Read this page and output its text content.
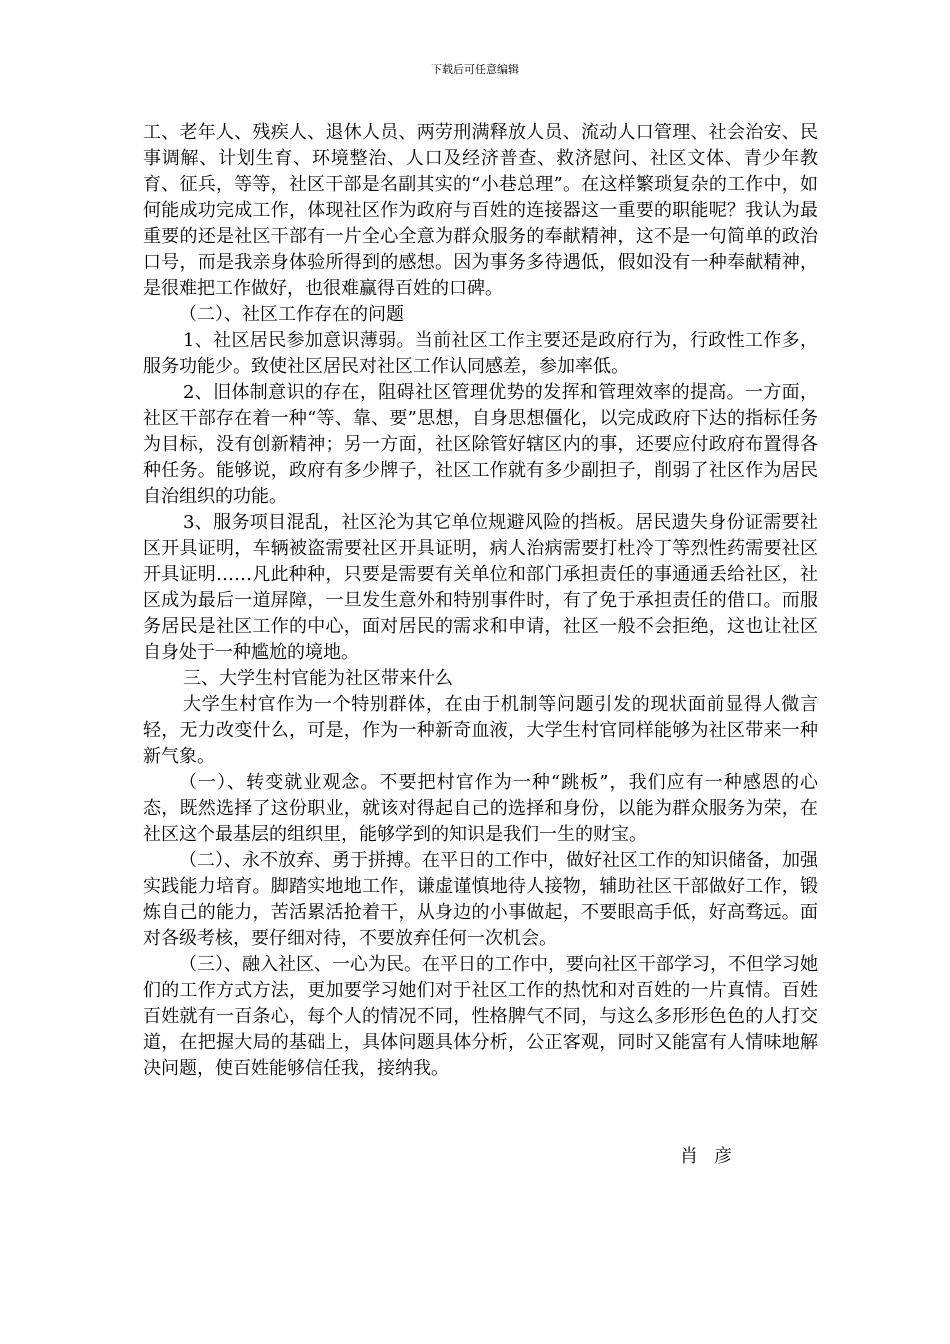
下载后可任意编辑

工、老年人、残疾人、退休人员、两劳刑满释放人员、流动人口管理、社会治安、民事调解、计划生育、环境整治、人口及经济普查、救济慰问、社区文体、青少年教育、征兵，等等，社区干部是名副其实的“小巷总理”。在这样繁琐复杂的工作中，如何能成功完成工作，体现社区作为政府与百姓的连接器这一重要的职能呢？我认为最重要的还是社区干部有一片全心全意为群众服务的奉献精神，这不是一句简单的政治口号，而是我亲身体验所得到的感想。因为事务多待遇低，假如没有一种奉献精神，是很难把工作做好，也很难赢得百姓的口碑。

（二）、社区工作存在的问题

1、社区居民参加意识薄弱。当前社区工作主要还是政府行为，行政性工作多，服务功能少。致使社区居民对社区工作认同感差，参加率低。

2、旧体制意识的存在，阻碍社区管理优势的发挥和管理效率的提高。一方面，社区干部存在着一种“等、靠、要”思想，自身思想僵化，以完成政府下达的指标任务为目标，没有创新精神；另一方面，社区除管好辖区内的事，还要应付政府布置得各种任务。能够说，政府有多少牌子，社区工作就有多少副担子，削弱了社区作为居民自治组织的功能。

3、服务项目混乱，社区沦为其它单位规避风险的挡板。居民遗失身份证需要社区开具证明，车辆被盗需要社区开具证明，病人治病需要打杜冷丁等烈性药需要社区开具证明……凡此种种，只要是需要有关单位和部门承担责任的事通通丢给社区，社区成为最后一道屏障，一旦发生意外和特别事件时，有了免于承担责任的借口。而服务居民是社区工作的中心，面对居民的需求和申请，社区一般不会拒绝，这也让社区自身处于一种尴尬的境地。

三、大学生村官能为社区带来什么

大学生村官作为一个特别群体，在由于机制等问题引发的现状面前显得人微言轻，无力改变什么，可是，作为一种新奇血液，大学生村官同样能够为社区带来一种新气象。

（一）、转变就业观念。不要把村官作为一种“跳板”，我们应有一种感恩的心态，既然选择了这份职业，就该对得起自己的选择和身份，以能为群众服务为荣，在社区这个最基层的组织里，能够学到的知识是我们一生的财宝。

（二）、永不放弃、勇于拼搏。在平日的工作中，做好社区工作的知识储备，加强实践能力培育。脚踏实地地工作，谦虚谨慎地待人接物，辅助社区干部做好工作，锻炼自己的能力，苦活累活抢着干，从身边的小事做起，不要眼高手低，好高骛远。面对各级考核，要仔细对待，不要放弃任何一次机会。

（三）、融入社区、一心为民。在平日的工作中，要向社区干部学习，不但学习她们的工作方式方法，更加要学习她们对于社区工作的热忱和对百姓的一片真情。百姓百姓就有一百条心，每个人的情况不同，性格脾气不同，与这么多形形色色的人打交道，在把握大局的基础上，具体问题具体分析，公正客观，同时又能富有人情味地解决问题，使百姓能够信任我，接纳我。

肖彦
